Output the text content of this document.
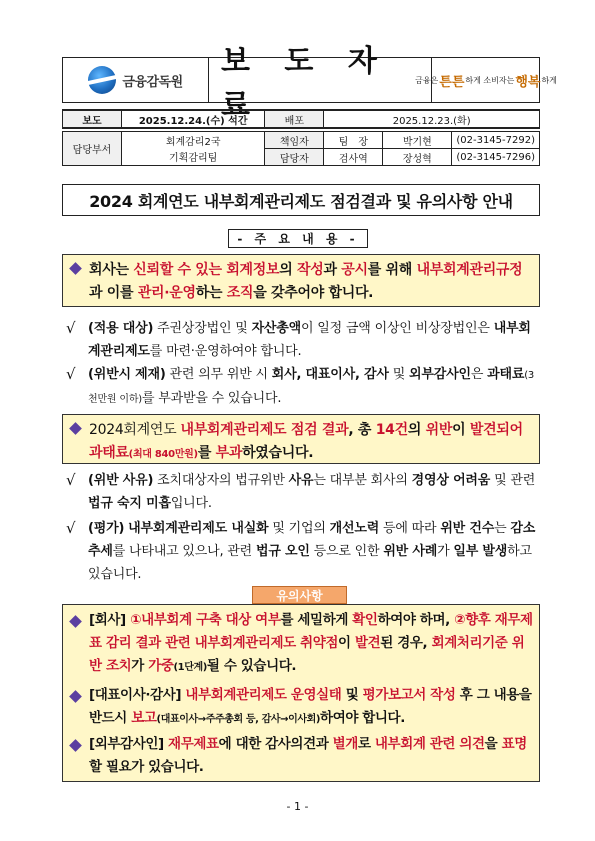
금융감독원
보 도 자 료
금융은 튼튼 하게 소비자는 행복 하게
보도	2025.12.24.(수) 석간	배포	2025.12.23.(화)		

담당부서	회계감리2국	책임자	팀　장	박기현	(02-3145-7292)
	기획감리팀	담당자	검사역	장성혁	(02-3145-7296)
2024 회계연도 내부회계관리제도 점검결과 및 유의사항 안내
- 주 요 내 용 -
회사는 신뢰할 수 있는 회계정보의 작성과 공시를 위해 내부회계관리규정과 이를 관리·운영하는 조직을 갖추어야 합니다.
√ (적용 대상) 주권상장법인 및 자산총액이 일정 금액 이상인 비상장법인은 내부회계관리제도를 마련·운영하여야 합니다.
√ (위반시 제재) 관련 의무 위반 시 회사, 대표이사, 감사 및 외부감사인은 과태료(3천만원 이하)를 부과받을 수 있습니다.
2024회계연도 내부회계관리제도 점검 결과, 총 14건의 위반이 발견되어 과태료(최대 840만원)를 부과하였습니다.
√ (위반 사유) 조치대상자의 법규위반 사유는 대부분 회사의 경영상 어려움 및 관련 법규 숙지 미흡입니다.
√ (평가) 내부회계관리제도 내실화 및 기업의 개선노력 등에 따라 위반 건수는 감소 추세를 나타내고 있으나, 관련 법규 오인 등으로 인한 위반 사례가 일부 발생하고 있습니다.
유의사항
[회사] ①내부회계 구축 대상 여부를 세밀하게 확인하여야 하며, ②향후 재무제표 감리 결과 관련 내부회계관리제도 취약점이 발견된 경우, 회계처리기준 위반 조치가 가중(1단계)될 수 있습니다.
[대표이사·감사] 내부회계관리제도 운영실태 및 평가보고서 작성 후 그 내용을 반드시 보고(대표이사→주주총회 등, 감사→이사회)하여야 합니다.
[외부감사인] 재무제표에 대한 감사의견과 별개로 내부회계 관련 의견을 표명할 필요가 있습니다.
- 1 -
